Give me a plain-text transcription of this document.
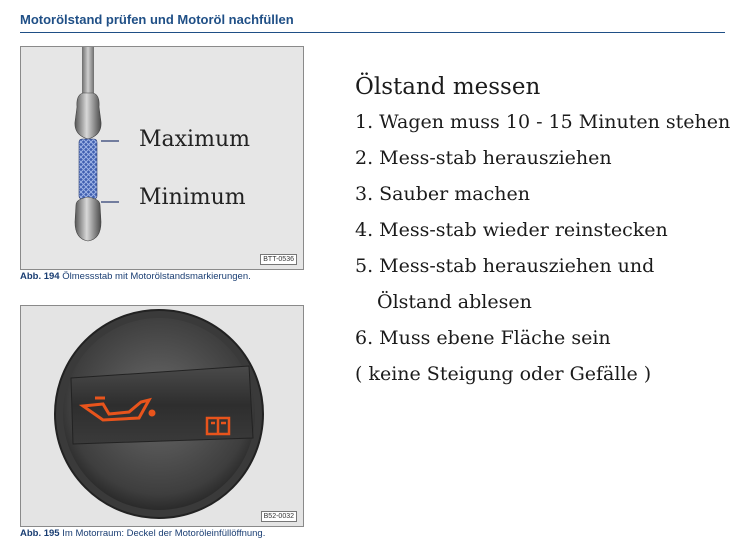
Motorölstand prüfen und Motoröl nachfüllen
Maximum
Minimum
BTT-0536
Abb. 194 Ölmessstab mit Motorölstandsmarkierungen.
B52-0032
Abb. 195 Im Motorraum: Deckel der Motoröleinfüllöffnung.
Ölstand messen
1. Wagen muss 10 - 15 Minuten stehen
2. Mess-stab herausziehen
3. Sauber machen
4. Mess-stab wieder reinstecken
5. Mess-stab herausziehen und
Ölstand ablesen
6. Muss ebene Fläche sein
( keine Steigung oder Gefälle )
